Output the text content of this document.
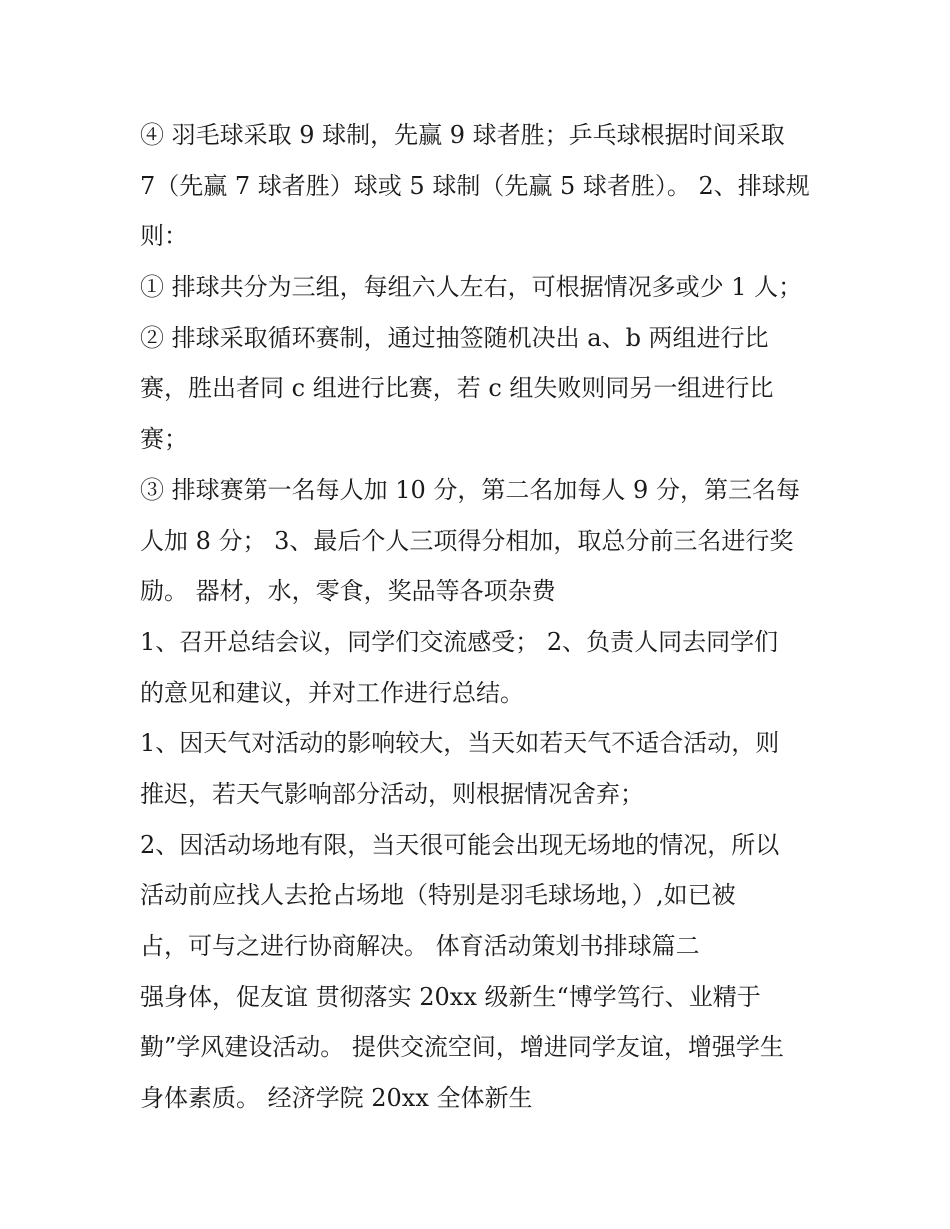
④ 羽毛球采取 9 球制，先赢 9 球者胜；乒乓球根据时间采取
7（先赢 7 球者胜）球或 5 球制（先赢 5 球者胜）。 2、排球规
则：
① 排球共分为三组，每组六人左右，可根据情况多或少 1 人；
② 排球采取循环赛制，通过抽签随机决出 a、b 两组进行比
赛，胜出者同 c 组进行比赛，若 c 组失败则同另一组进行比
赛；
③ 排球赛第一名每人加 10 分，第二名加每人 9 分，第三名每
人加 8 分； 3、最后个人三项得分相加，取总分前三名进行奖
励。 器材，水，零食，奖品等各项杂费
1、召开总结会议，同学们交流感受； 2、负责人同去同学们
的意见和建议，并对工作进行总结。
1、因天气对活动的影响较大，当天如若天气不适合活动，则
推迟，若天气影响部分活动，则根据情况舍弃；
2、因活动场地有限，当天很可能会出现无场地的情况，所以
活动前应找人去抢占场地（特别是羽毛球场地，）,如已被
占，可与之进行协商解决。 体育活动策划书排球篇二
强身体，促友谊 贯彻落实 20xx 级新生“博学笃行、业精于
勤”学风建设活动。 提供交流空间，增进同学友谊，增强学生
身体素质。 经济学院 20xx 全体新生
